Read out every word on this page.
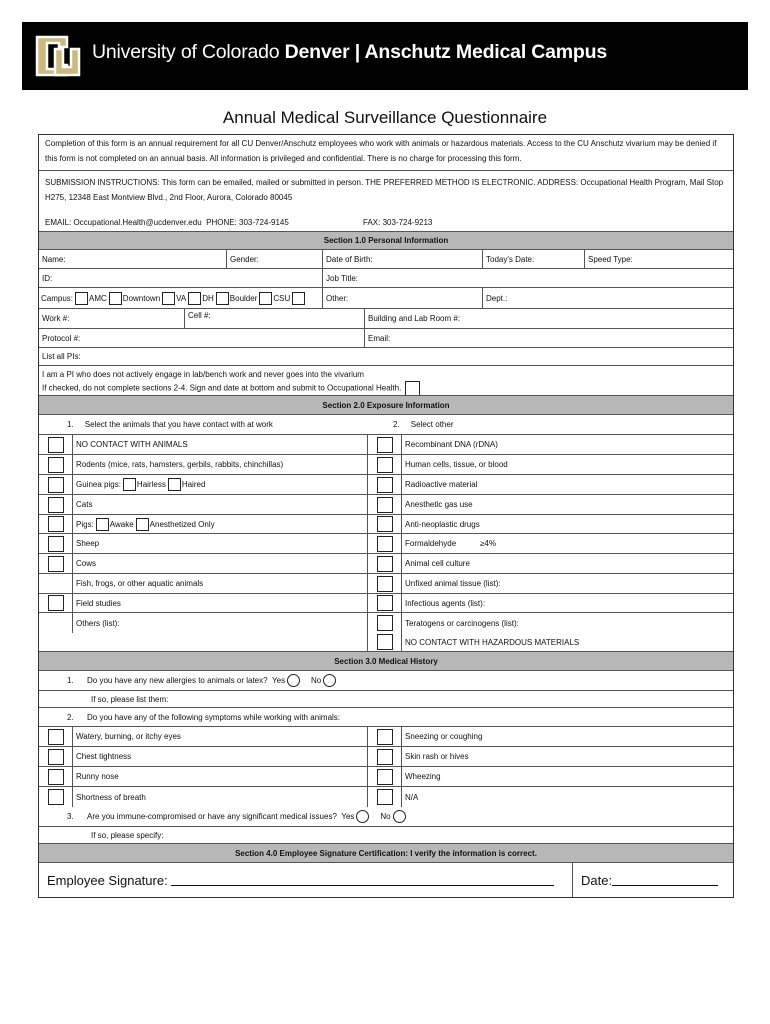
University of Colorado Denver | Anschutz Medical Campus
Annual Medical Surveillance Questionnaire
Completion of this form is an annual requirement for all CU Denver/Anschutz employees who work with animals or hazardous materials. Access to the CU Anschutz vivarium may be denied if this form is not completed on an annual basis. All information is privileged and confidential. There is no charge for processing this form.
SUBMISSION INSTRUCTIONS: This form can be emailed, mailed or submitted in person. THE PREFERRED METHOD IS ELECTRONIC. ADDRESS: Occupational Health Program, Mail Stop H275, 12348 East Montview Blvd., 2nd Floor, Aurora, Colorado 80045
EMAIL: Occupational.Health@ucdenver.edu
PHONE: 303-724-9145	FAX: 303-724-9213
Section 1.0 Personal Information
Name:	Gender:	Date of Birth:	Today's Date:	Speed Type:
ID:	Job Title:
Campus: AMC Downtown VA DH Boulder CSU	Other:	Dept.:
Work #:	Cell #:	Building and Lab Room #:
Protocol #:	Email:
List all PIs:
I am a PI who does not actively engage in lab/bench work and never goes into the vivarium
If checked, do not complete sections 2-4. Sign and date at bottom and submit to Occupational Health.
Section 2.0 Exposure Information
1.
Select the animals that you have contact with at work	2.
Select other
NO CONTACT WITH ANIMALS	Recombinant DNA (rDNA)
Rodents (mice, rats, hamsters, gerbils, rabbits, chinchillas)	Human cells, tissue, or blood
Guinea pigs: Hairless Haired	Radioactive material
Cats	Anesthetic gas use
Pigs: Awake Anesthetized Only	Anti-neoplastic drugs
Sheep	Formaldehyde	≥4%
Cows	Animal cell culture
Fish, frogs, or other aquatic animals	Unfixed animal tissue (list):
Field studies	Infectious agents (list):
Others (list):	Teratogens or carcinogens (list):
NO CONTACT WITH HAZARDOUS MATERIALS
Section 3.0 Medical History
1.
Do you have any new allergies to animals or latex?
Yes
	No
If so, please list them:
2.
Do you have any of the following symptoms while working with animals:
Watery, burning, or itchy eyes	Sneezing or coughing
Chest tightness	Skin rash or hives
Runny nose	Wheezing
Shortness of breath	N/A
3.
Are you immune-compromised or have any significant medical issues?
Yes
	No
If so, please specify:
Section 4.0 Employee Signature Certification: I verify the information is correct.
Employee Signature:
	Date:
